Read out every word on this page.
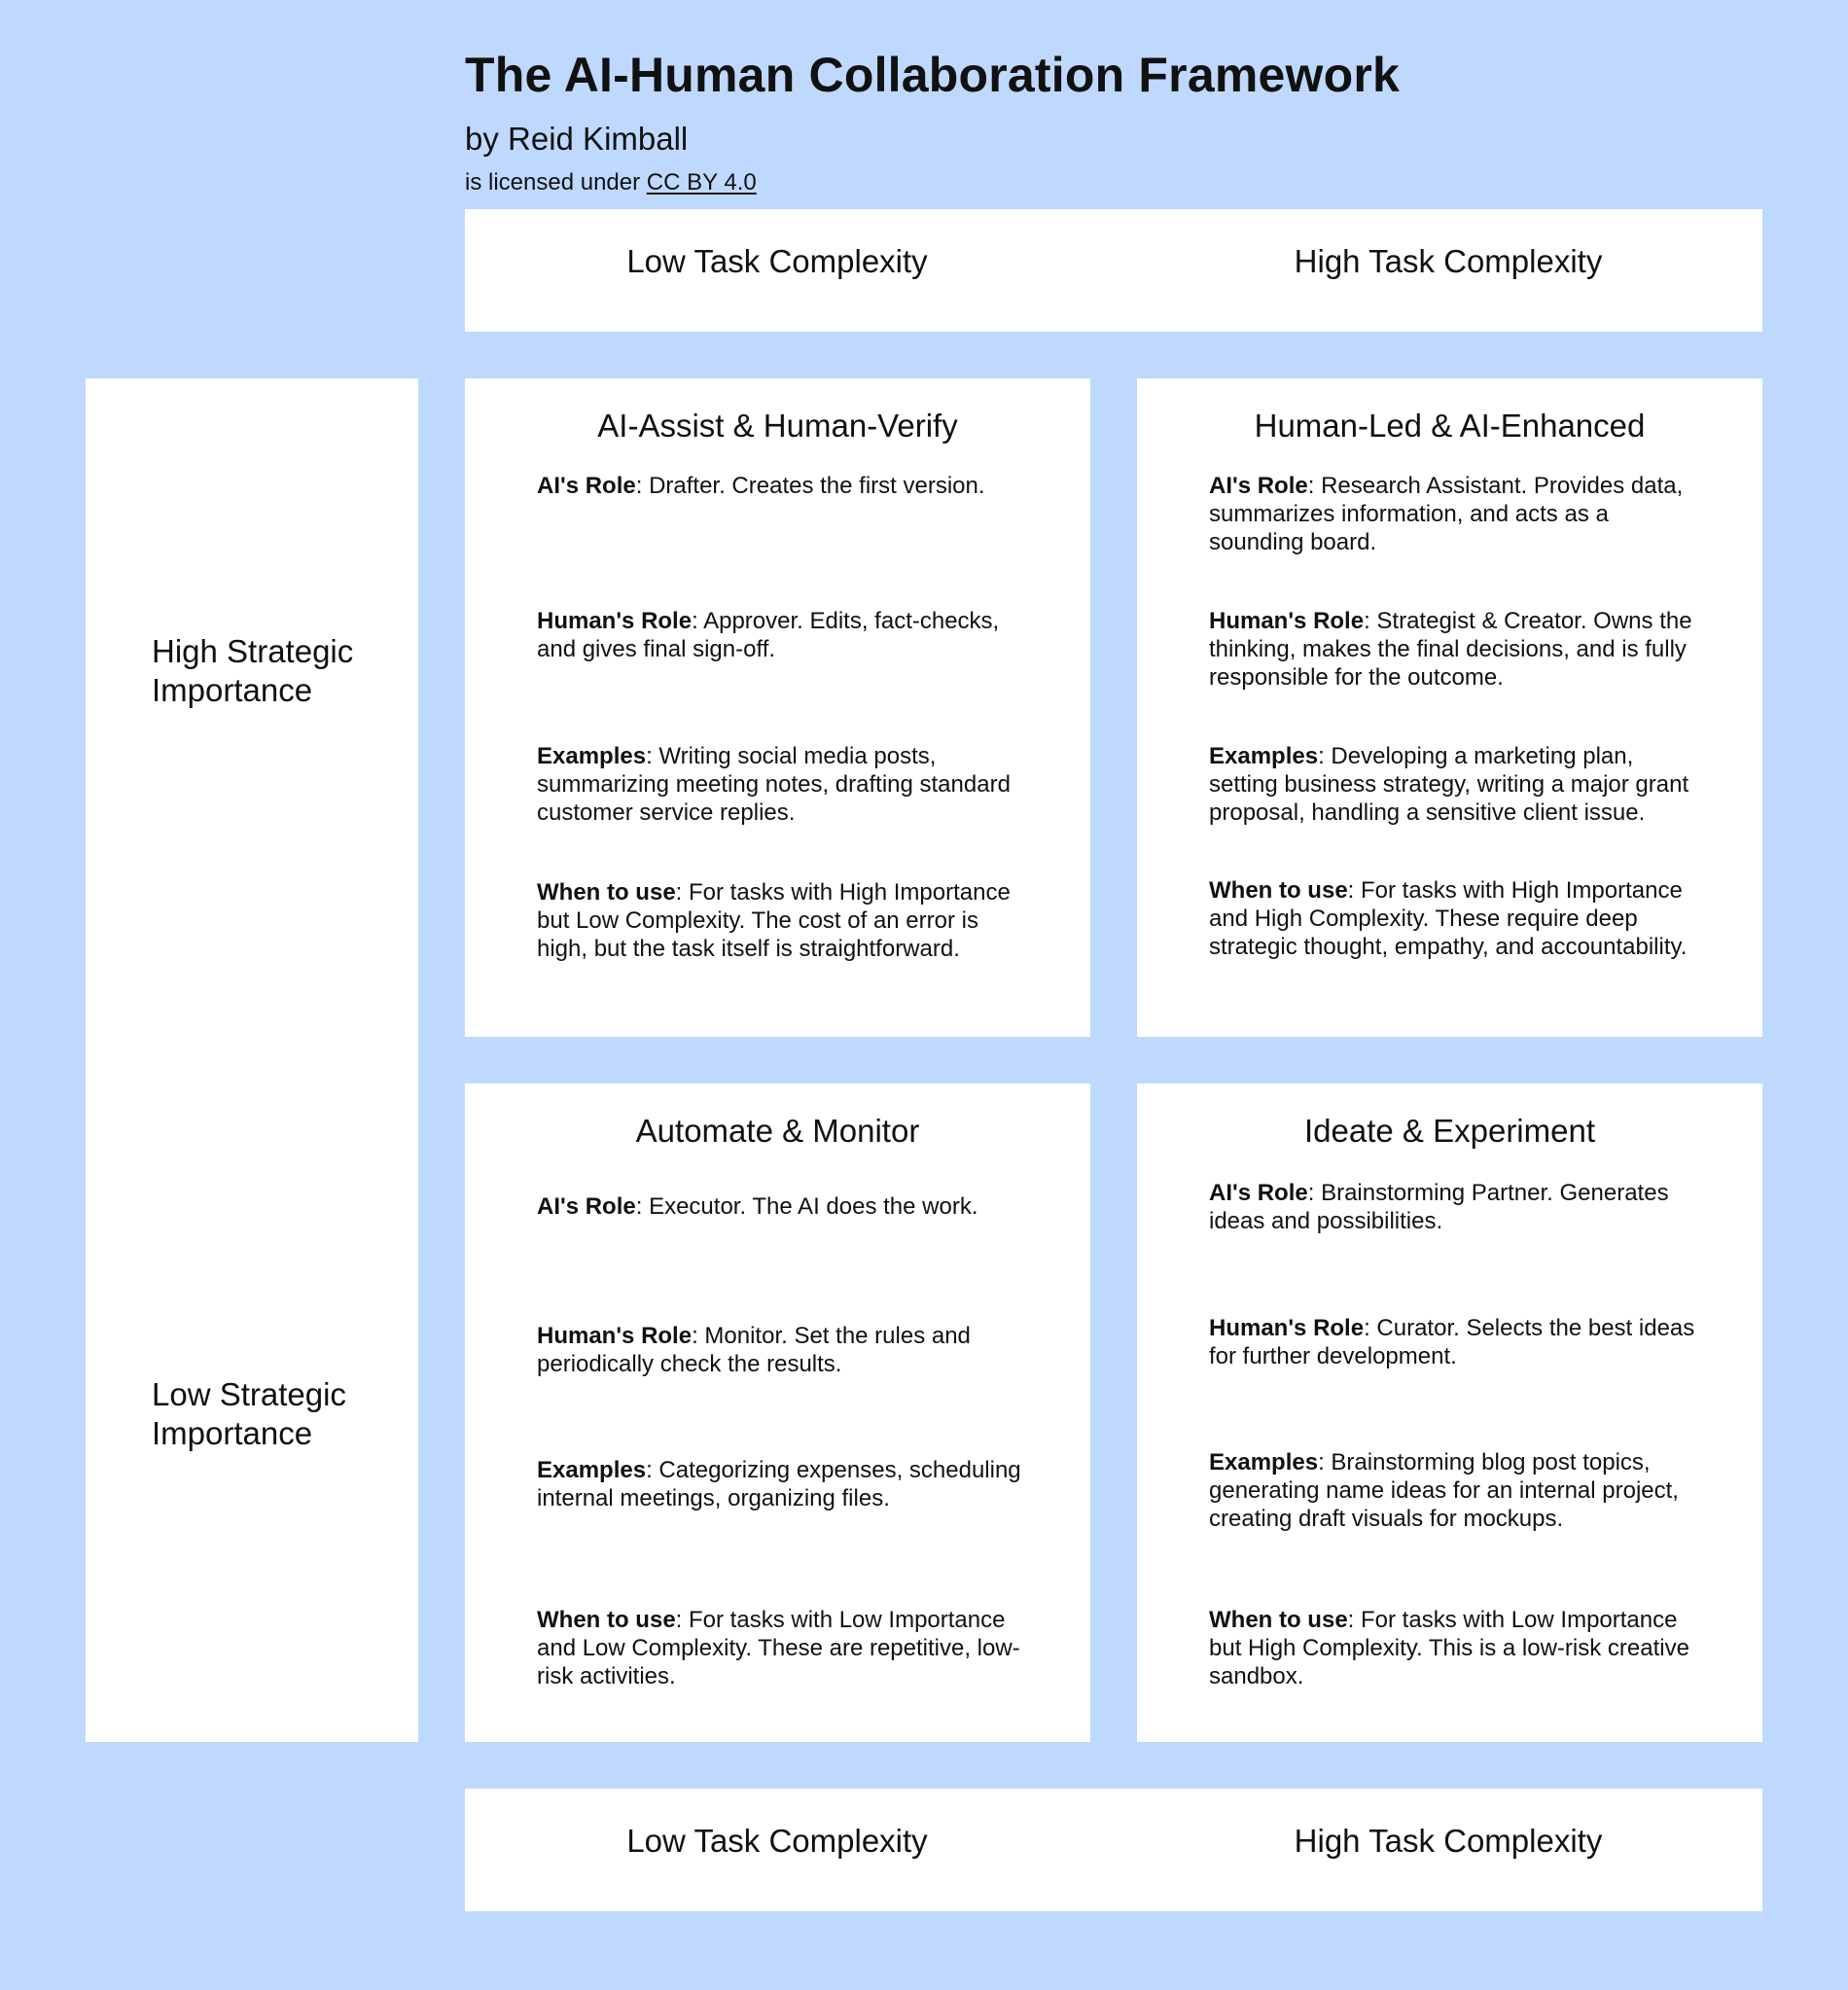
The AI-Human Collaboration Framework
by Reid Kimball
is licensed under CC BY 4.0
Low Task Complexity	High Task Complexity
High Strategic Importance
Low Strategic Importance
AI-Assist & Human-Verify
AI's Role: Drafter. Creates the first version.
Human's Role: Approver. Edits, fact-checks, and gives final sign-off.
Examples: Writing social media posts, summarizing meeting notes, drafting standard customer service replies.
When to use: For tasks with High Importance but Low Complexity. The cost of an error is high, but the task itself is straightforward.
Human-Led & AI-Enhanced
AI's Role: Research Assistant. Provides data, summarizes information, and acts as a sounding board.
Human's Role: Strategist & Creator. Owns the thinking, makes the final decisions, and is fully responsible for the outcome.
Examples: Developing a marketing plan, setting business strategy, writing a major grant proposal, handling a sensitive client issue.
When to use: For tasks with High Importance and High Complexity. These require deep strategic thought, empathy, and accountability.
Automate & Monitor
AI's Role: Executor. The AI does the work.
Human's Role: Monitor. Set the rules and periodically check the results.
Examples: Categorizing expenses, scheduling internal meetings, organizing files.
When to use: For tasks with Low Importance and Low Complexity. These are repetitive, low-risk activities.
Ideate & Experiment
AI's Role: Brainstorming Partner. Generates ideas and possibilities.
Human's Role: Curator. Selects the best ideas for further development.
Examples: Brainstorming blog post topics, generating name ideas for an internal project, creating draft visuals for mockups.
When to use: For tasks with Low Importance but High Complexity. This is a low-risk creative sandbox.
Low Task Complexity	High Task Complexity
